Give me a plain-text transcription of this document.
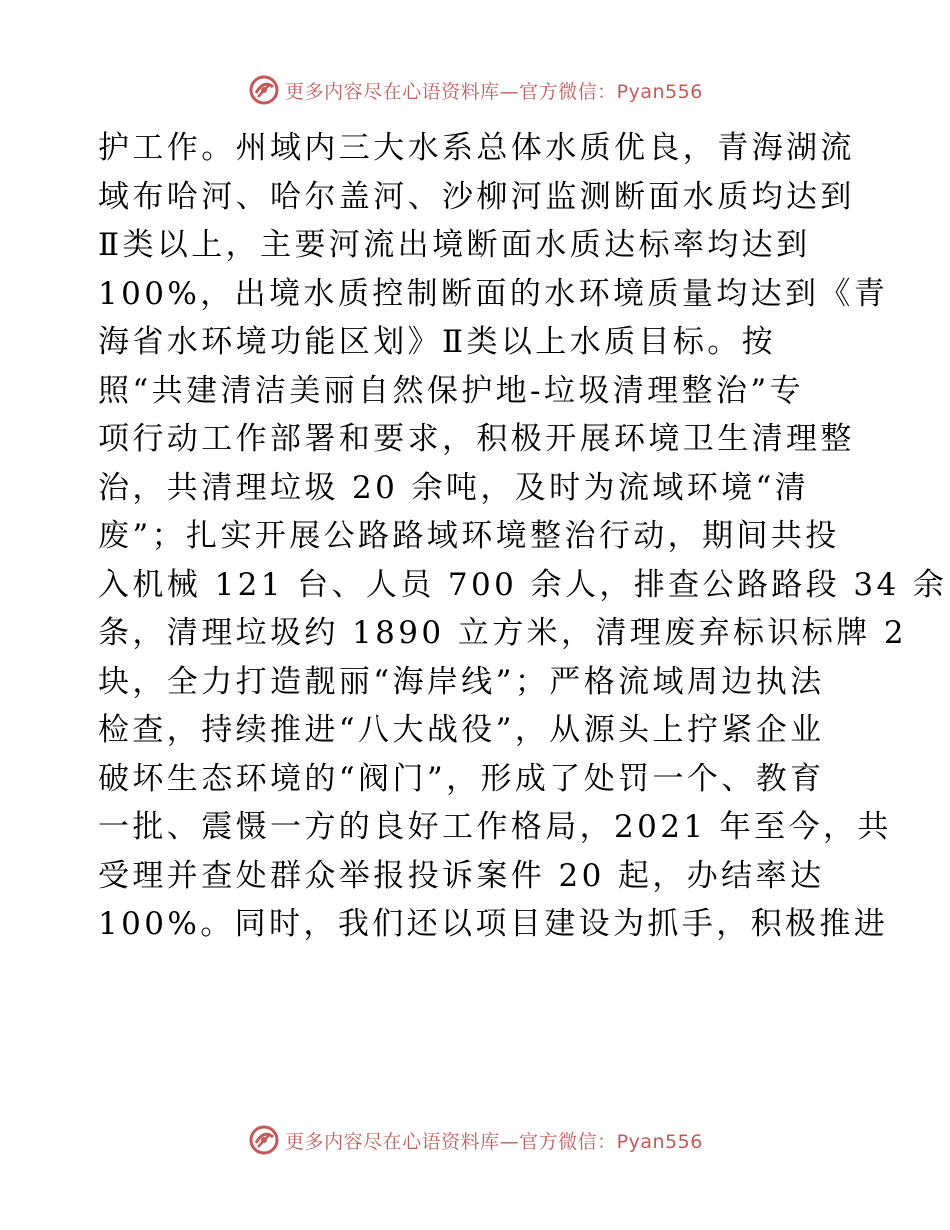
更多内容尽在心语资料库—官方微信：Pyan556
护工作。州域内三大水系总体水质优良，青海湖流
域布哈河、哈尔盖河、沙柳河监测断面水质均达到
Ⅱ类以上，主要河流出境断面水质达标率均达到
100%，出境水质控制断面的水环境质量均达到《青
海省水环境功能区划》Ⅱ类以上水质目标。按
照“共建清洁美丽自然保护地-垃圾清理整治”专
项行动工作部署和要求，积极开展环境卫生清理整
治，共清理垃圾 20 余吨，及时为流域环境“清
废”；扎实开展公路路域环境整治行动，期间共投
入机械 121 台、人员 700 余人，排查公路路段 34 余
条，清理垃圾约 1890 立方米，清理废弃标识标牌 2
块，全力打造靓丽“海岸线”；严格流域周边执法
检查，持续推进“八大战役”，从源头上拧紧企业
破坏生态环境的“阀门”，形成了处罚一个、教育
一批、震慑一方的良好工作格局，2021 年至今，共
受理并查处群众举报投诉案件 20 起，办结率达
100%。同时，我们还以项目建设为抓手，积极推进
更多内容尽在心语资料库—官方微信：Pyan556
